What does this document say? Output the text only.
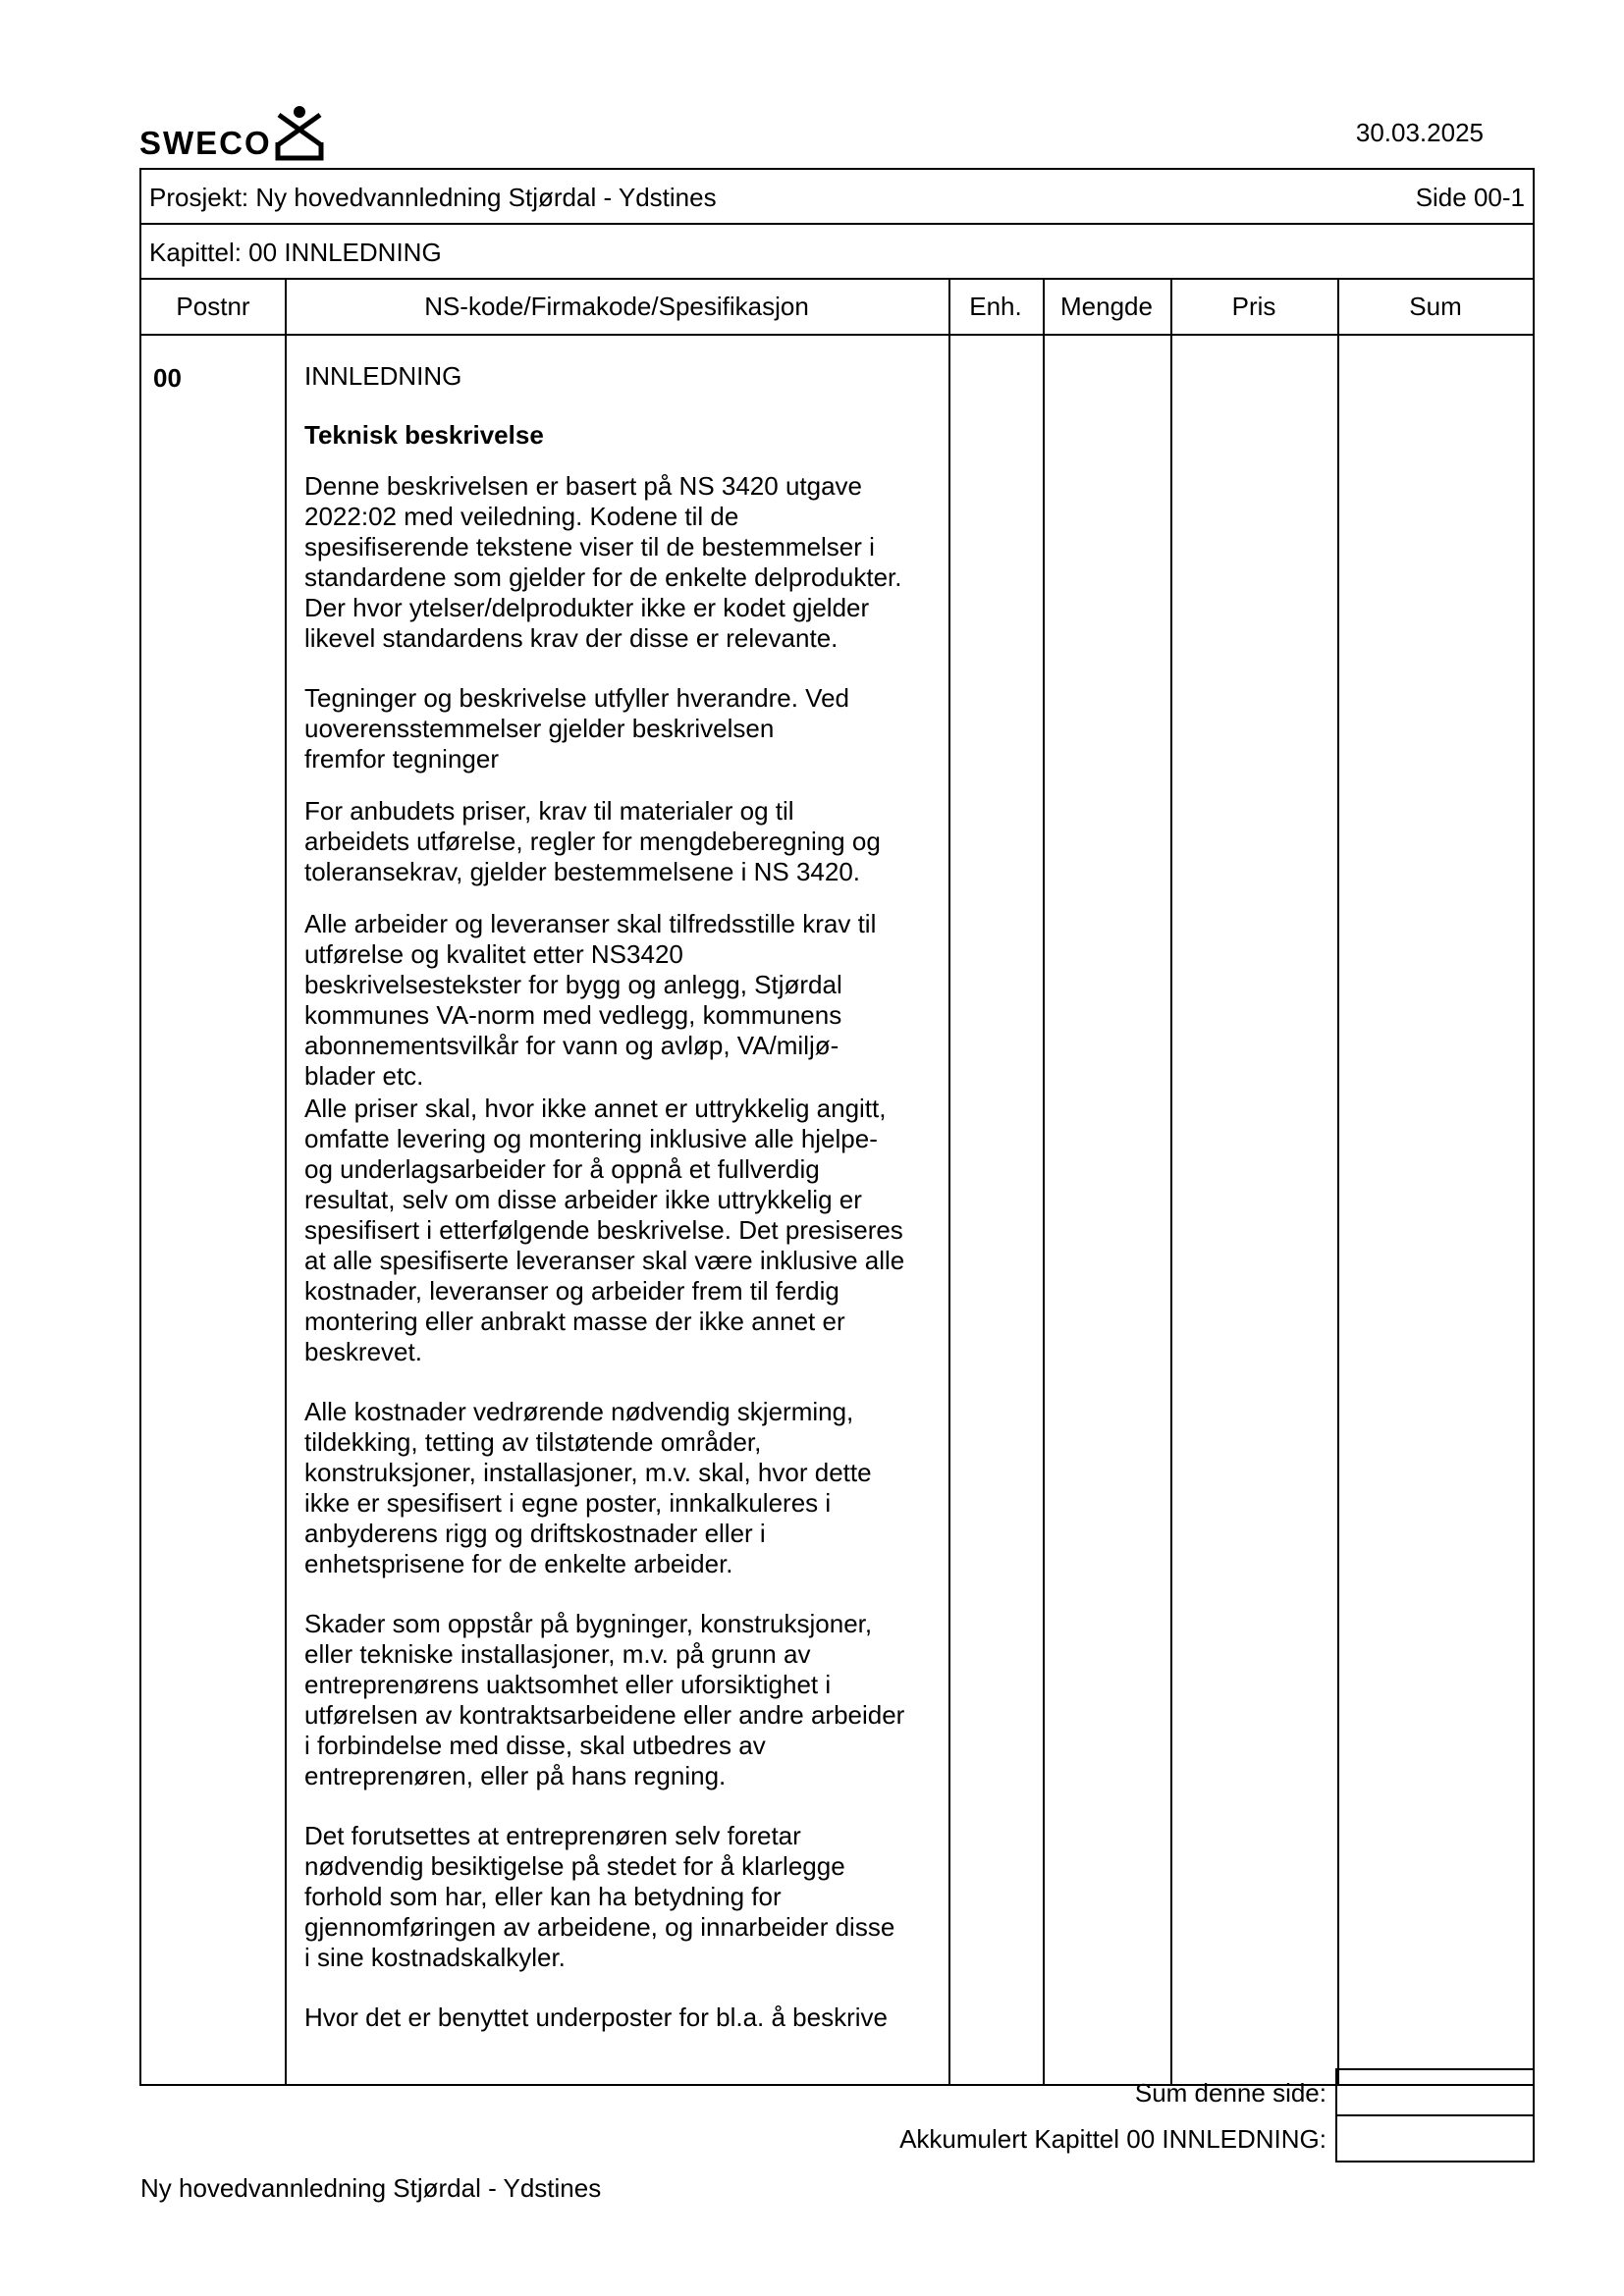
SWECO	30.03.2025
Prosjekt: Ny hovedvannledning Stjørdal - Ydstines	Side 00-1
Kapittel: 00 INNLEDNING
Postnr	NS-kode/Firmakode/Spesifikasjon	Enh.	Mengde	Pris	Sum
00	INNLEDNING

Teknisk beskrivelse

Denne beskrivelsen er basert på NS 3420 utgave
2022:02 med veiledning. Kodene til de
spesifiserende tekstene viser til de bestemmelser i
standardene som gjelder for de enkelte delprodukter.
Der hvor ytelser/delprodukter ikke er kodet gjelder
likevel standardens krav der disse er relevante.

Tegninger og beskrivelse utfyller hverandre. Ved
uoverensstemmelser gjelder beskrivelsen
fremfor tegninger

For anbudets priser, krav til materialer og til
arbeidets utførelse, regler for mengdeberegning og
toleransekrav, gjelder bestemmelsene i NS 3420.

Alle arbeider og leveranser skal tilfredsstille krav til
utførelse og kvalitet etter NS3420
beskrivelsestekster for bygg og anlegg, Stjørdal
kommunes VA-norm med vedlegg, kommunens
abonnementsvilkår for vann og avløp, VA/miljø-
blader etc.

Alle priser skal, hvor ikke annet er uttrykkelig angitt,
omfatte levering og montering inklusive alle hjelpe-
og underlagsarbeider for å oppnå et fullverdig
resultat, selv om disse arbeider ikke uttrykkelig er
spesifisert i etterfølgende beskrivelse. Det presiseres
at alle spesifiserte leveranser skal være inklusive alle
kostnader, leveranser og arbeider frem til ferdig
montering eller anbrakt masse der ikke annet er
beskrevet.

Alle kostnader vedrørende nødvendig skjerming,
tildekking, tetting av tilstøtende områder,
konstruksjoner, installasjoner, m.v. skal, hvor dette
ikke er spesifisert i egne poster, innkalkuleres i
anbyderens rigg og driftskostnader eller i
enhetsprisene for de enkelte arbeider.

Skader som oppstår på bygninger, konstruksjoner,
eller tekniske installasjoner, m.v. på grunn av
entreprenørens uaktsomhet eller uforsiktighet i
utførelsen av kontraktsarbeidene eller andre arbeider
i forbindelse med disse, skal utbedres av
entreprenøren, eller på hans regning.

Det forutsettes at entreprenøren selv foretar
nødvendig besiktigelse på stedet for å klarlegge
forhold som har, eller kan ha betydning for
gjennomføringen av arbeidene, og innarbeider disse
i sine kostnadskalkyler.

Hvor det er benyttet underposter for bl.a. å beskrive

Sum denne side:
Akkumulert Kapittel 00 INNLEDNING:
Ny hovedvannledning Stjørdal - Ydstines
